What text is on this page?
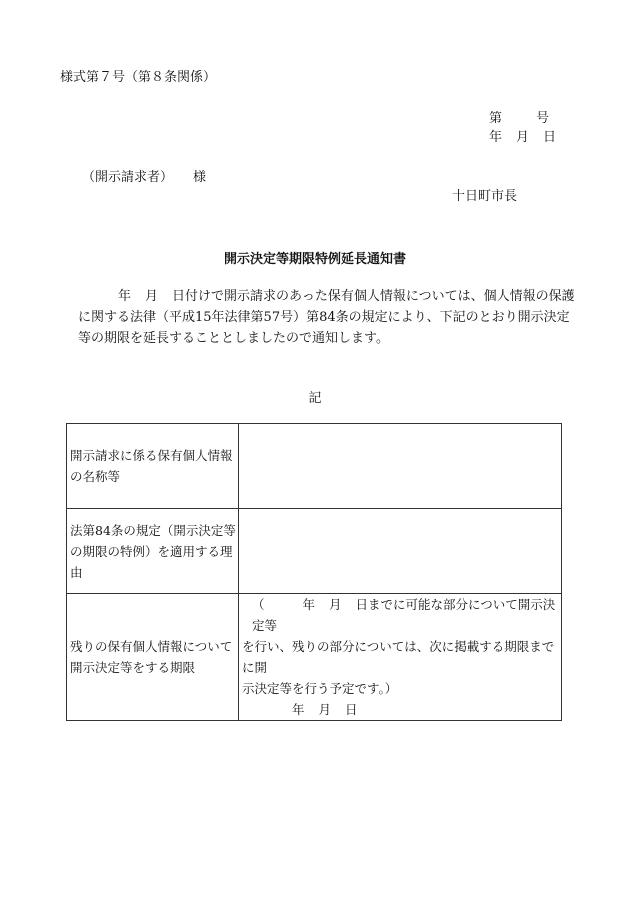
様式第７号（第８条関係）
第	号
年 月 日
（開示請求者） 様
十日町市長
開示決定等期限特例延長通知書
年 月 日付けで開示請求のあった保有個人情報については、個人情報の保護に関する法律（平成15年法律第57号）第84条の規定により、下記のとおり開示決定等の期限を延長することとしましたので通知します。
記
開示請求に係る保有個人情報の名称等	
法第84条の規定（開示決定等の期限の特例）を適用する理由	
残りの保有個人情報について開示決定等をする期限	（ 年 月 日までに可能な部分について開示決定等
を行い、残りの部分については、次に掲載する期限までに開
示決定等を行う予定です。）
年 月 日
